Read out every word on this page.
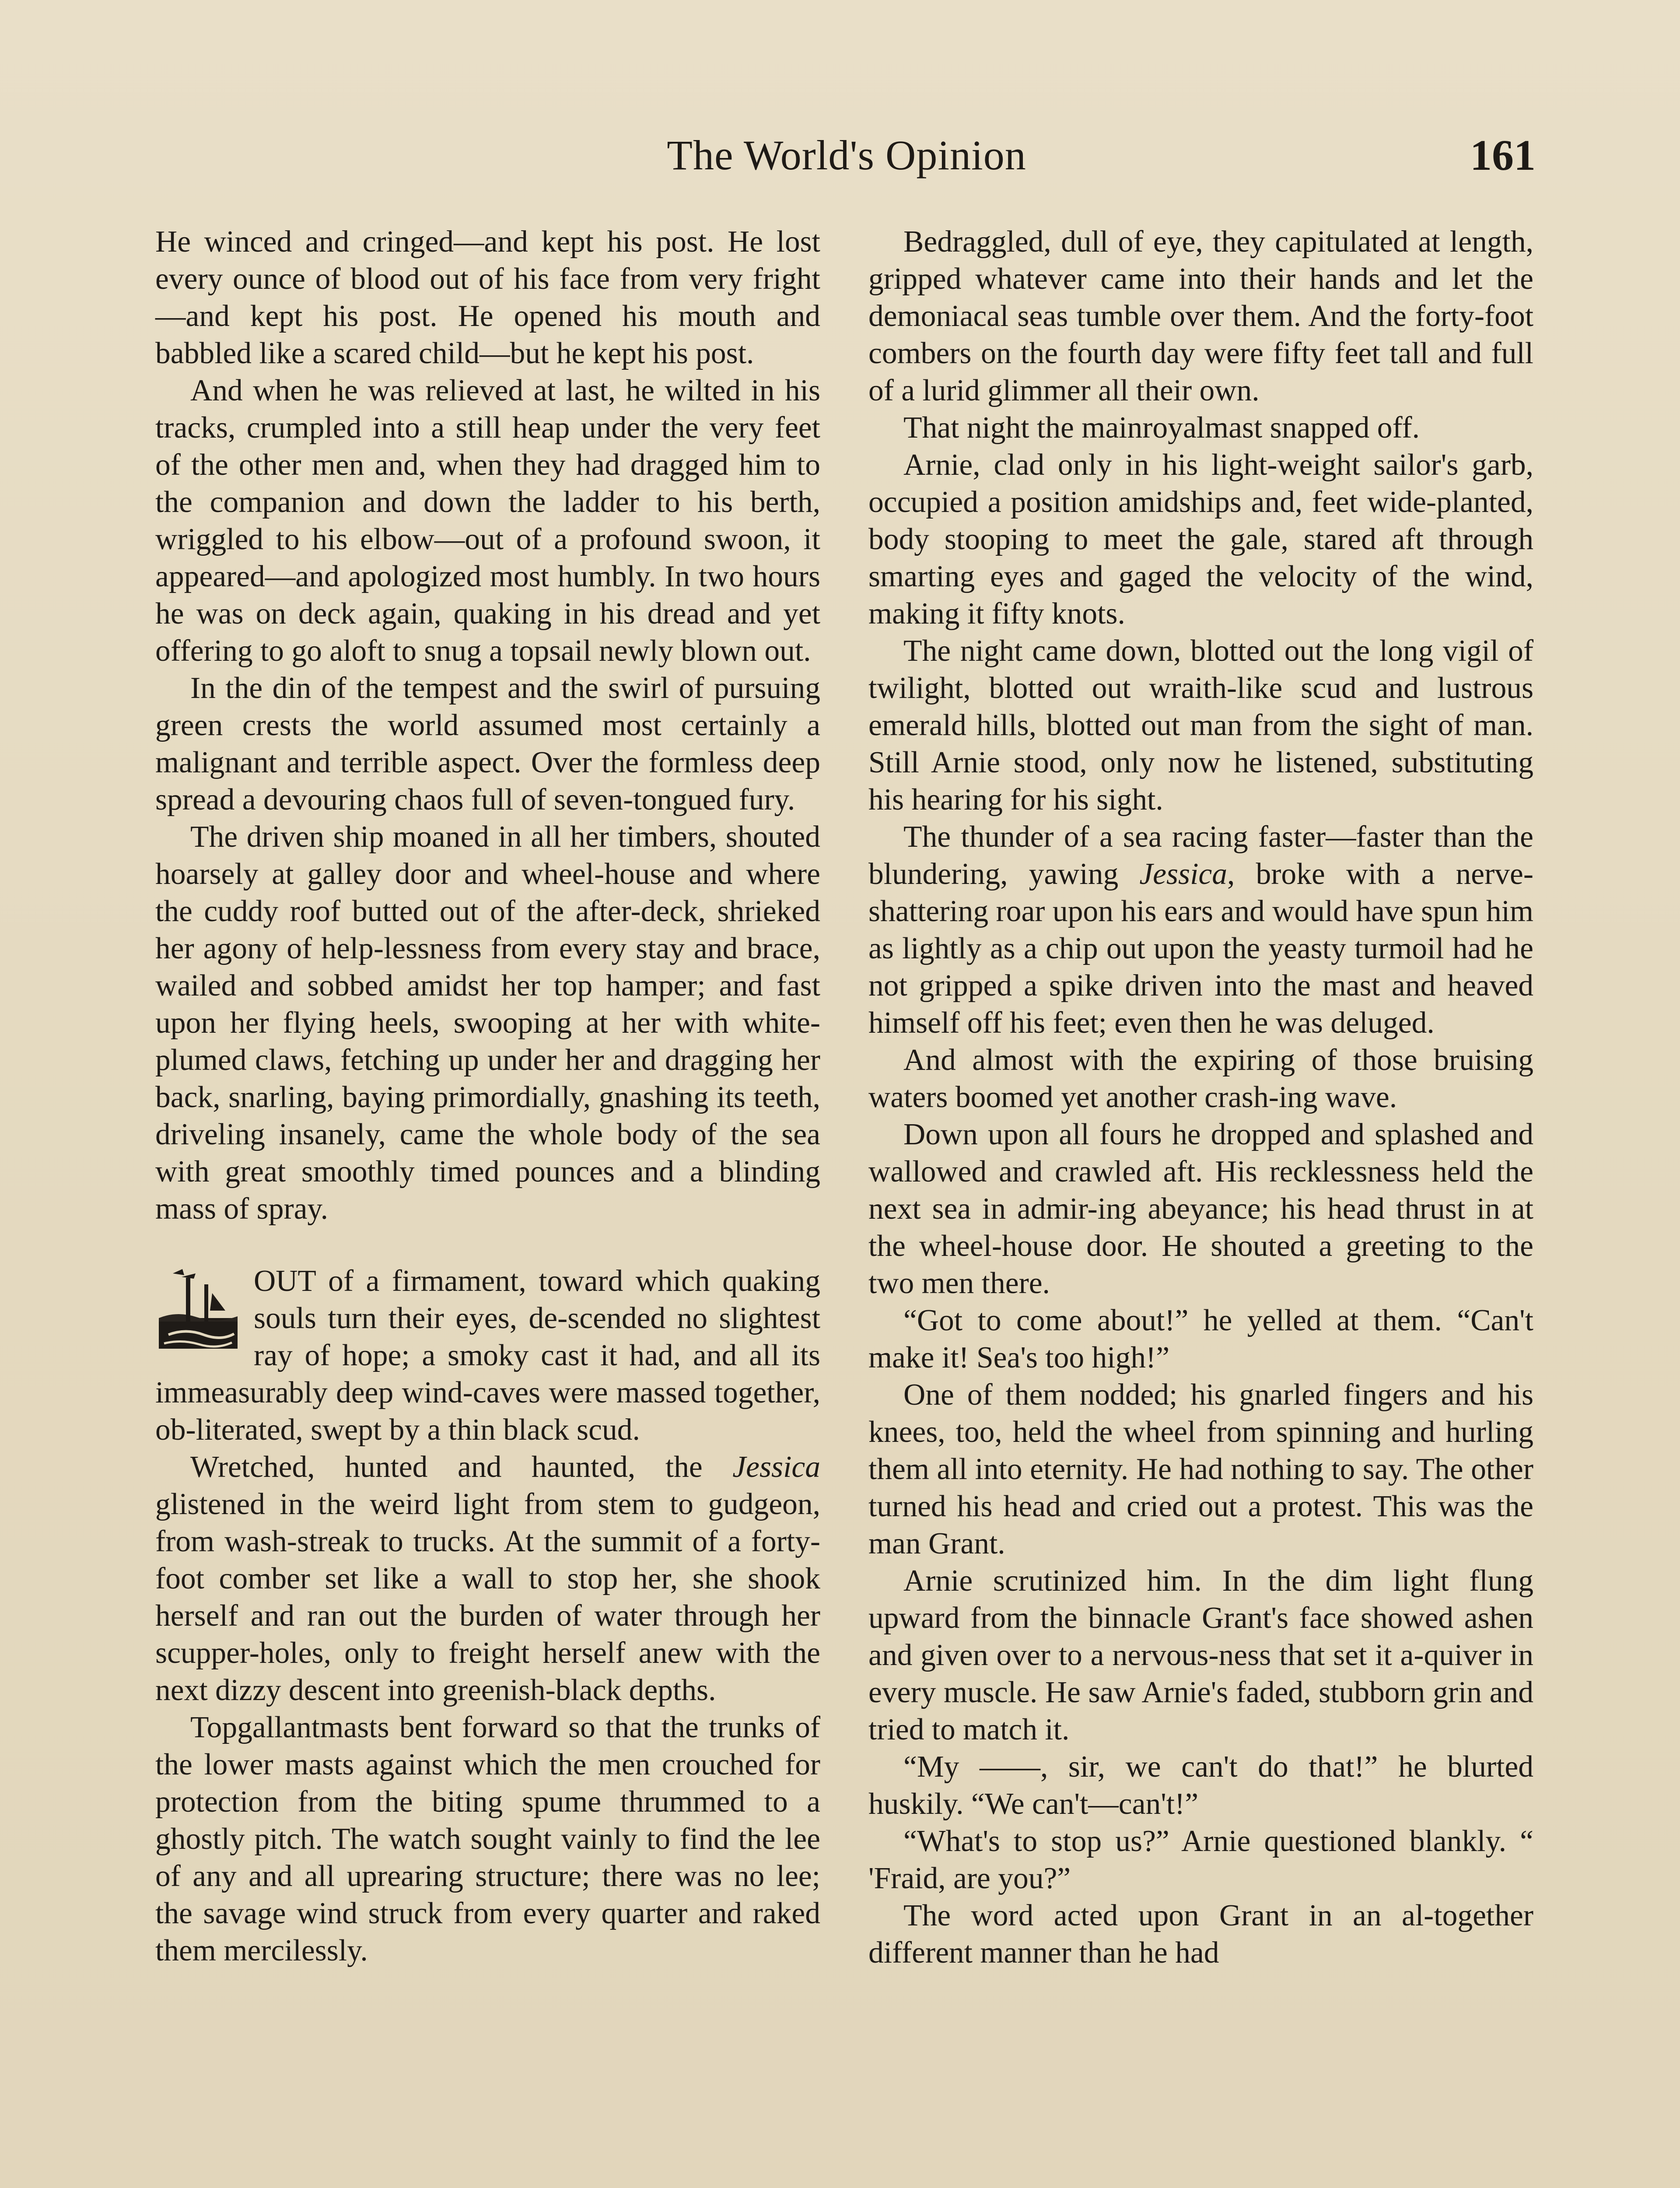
The World's Opinion	161

He winced and cringed—and kept his post. He lost every ounce of blood out of his face from very fright—and kept his post. He opened his mouth and babbled like a scared child—but he kept his post.

And when he was relieved at last, he wilted in his tracks, crumpled into a still heap under the very feet of the other men and, when they had dragged him to the companion and down the ladder to his berth, wriggled to his elbow—out of a profound swoon, it appeared—and apologized most humbly. In two hours he was on deck again, quaking in his dread and yet offering to go aloft to snug a topsail newly blown out.

In the din of the tempest and the swirl of pursuing green crests the world assumed most certainly a malignant and terrible aspect. Over the formless deep spread a devouring chaos full of seven-tongued fury.

The driven ship moaned in all her timbers, shouted hoarsely at galley door and wheel-house and where the cuddy roof butted out of the after-deck, shrieked her agony of help-lessness from every stay and brace, wailed and sobbed amidst her top hamper; and fast upon her flying heels, swooping at her with white-plumed claws, fetching up under her and dragging her back, snarling, baying primordially, gnashing its teeth, driveling insanely, came the whole body of the sea with great smoothly timed pounces and a blinding mass of spray.

OUT of a firmament, toward which quaking souls turn their eyes, de-scended no slightest ray of hope; a smoky cast it had, and all its immeasurably deep wind-caves were massed together, ob-literated, swept by a thin black scud.

Wretched, hunted and haunted, the Jessica glistened in the weird light from stem to gudgeon, from wash-streak to trucks. At the summit of a forty-foot comber set like a wall to stop her, she shook herself and ran out the burden of water through her scupper-holes, only to freight herself anew with the next dizzy descent into greenish-black depths.

Topgallantmasts bent forward so that the trunks of the lower masts against which the men crouched for protection from the biting spume thrummed to a ghostly pitch. The watch sought vainly to find the lee of any and all uprearing structure; there was no lee; the savage wind struck from every quarter and raked them mercilessly.

Bedraggled, dull of eye, they capitulated at length, gripped whatever came into their hands and let the demoniacal seas tumble over them. And the forty-foot combers on the fourth day were fifty feet tall and full of a lurid glimmer all their own.

That night the mainroyalmast snapped off.

Arnie, clad only in his light-weight sailor's garb, occupied a position amidships and, feet wide-planted, body stooping to meet the gale, stared aft through smarting eyes and gaged the velocity of the wind, making it fifty knots.

The night came down, blotted out the long vigil of twilight, blotted out wraith-like scud and lustrous emerald hills, blotted out man from the sight of man. Still Arnie stood, only now he listened, substituting his hearing for his sight.

The thunder of a sea racing faster—faster than the blundering, yawing Jessica, broke with a nerve-shattering roar upon his ears and would have spun him as lightly as a chip out upon the yeasty turmoil had he not gripped a spike driven into the mast and heaved himself off his feet; even then he was deluged.

And almost with the expiring of those bruising waters boomed yet another crash-ing wave.

Down upon all fours he dropped and splashed and wallowed and crawled aft. His recklessness held the next sea in admir-ing abeyance; his head thrust in at the wheel-house door. He shouted a greeting to the two men there.

“Got to come about!” he yelled at them. “Can't make it! Sea's too high!”

One of them nodded; his gnarled fingers and his knees, too, held the wheel from spinning and hurling them all into eternity. He had nothing to say. The other turned his head and cried out a protest. This was the man Grant.

Arnie scrutinized him. In the dim light flung upward from the binnacle Grant's face showed ashen and given over to a nervous-ness that set it a-quiver in every muscle. He saw Arnie's faded, stubborn grin and tried to match it.

“My ——, sir, we can't do that!” he blurted huskily. “We can't—can't!”

“What's to stop us?” Arnie questioned blankly. “ 'Fraid, are you?”

The word acted upon Grant in an al-together different manner than he had
